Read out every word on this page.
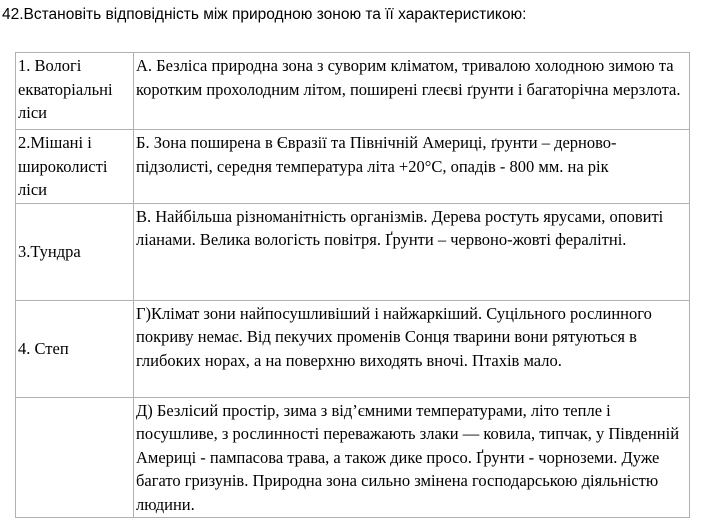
42.Встановіть відповідність між природною зоною та її характеристикою:
1. Вологі екваторіальні ліси	А. Безліса природна зона з суворим кліматом, тривалою холодною зимою та коротким прохолодним літом, поширені глеєві ґрунти і багаторічна мерзлота.
2.Мішані і широколисті ліси	Б. Зона поширена в Євразії та Північній Америці, ґрунти – дерново-підзолисті, середня температура літа +20°С, опадів - 800 мм. на рік
3.Тундра	В. Найбільша різноманітність організмів. Дерева ростуть ярусами, оповиті ліанами. Велика вологість повітря. Ґрунти – червоно-жовті фералітні.
4. Степ	Г)Клімат зони найпосушливіший і найжаркіший. Суцільного рослинного покриву немає. Від пекучих променів Сонця тварини вони рятуються в глибоких норах, а на поверхню виходять вночі. Птахів мало.
	Д) Безлісий простір, зима з від’ємними температурами, літо тепле і посушливе, з рослинності переважають злаки — ковила, типчак, у Південній Америці - пампасова трава, а також дике просо. Ґрунти - чорноземи. Дуже багато гризунів. Природна зона сильно змінена господарською діяльністю людини.
